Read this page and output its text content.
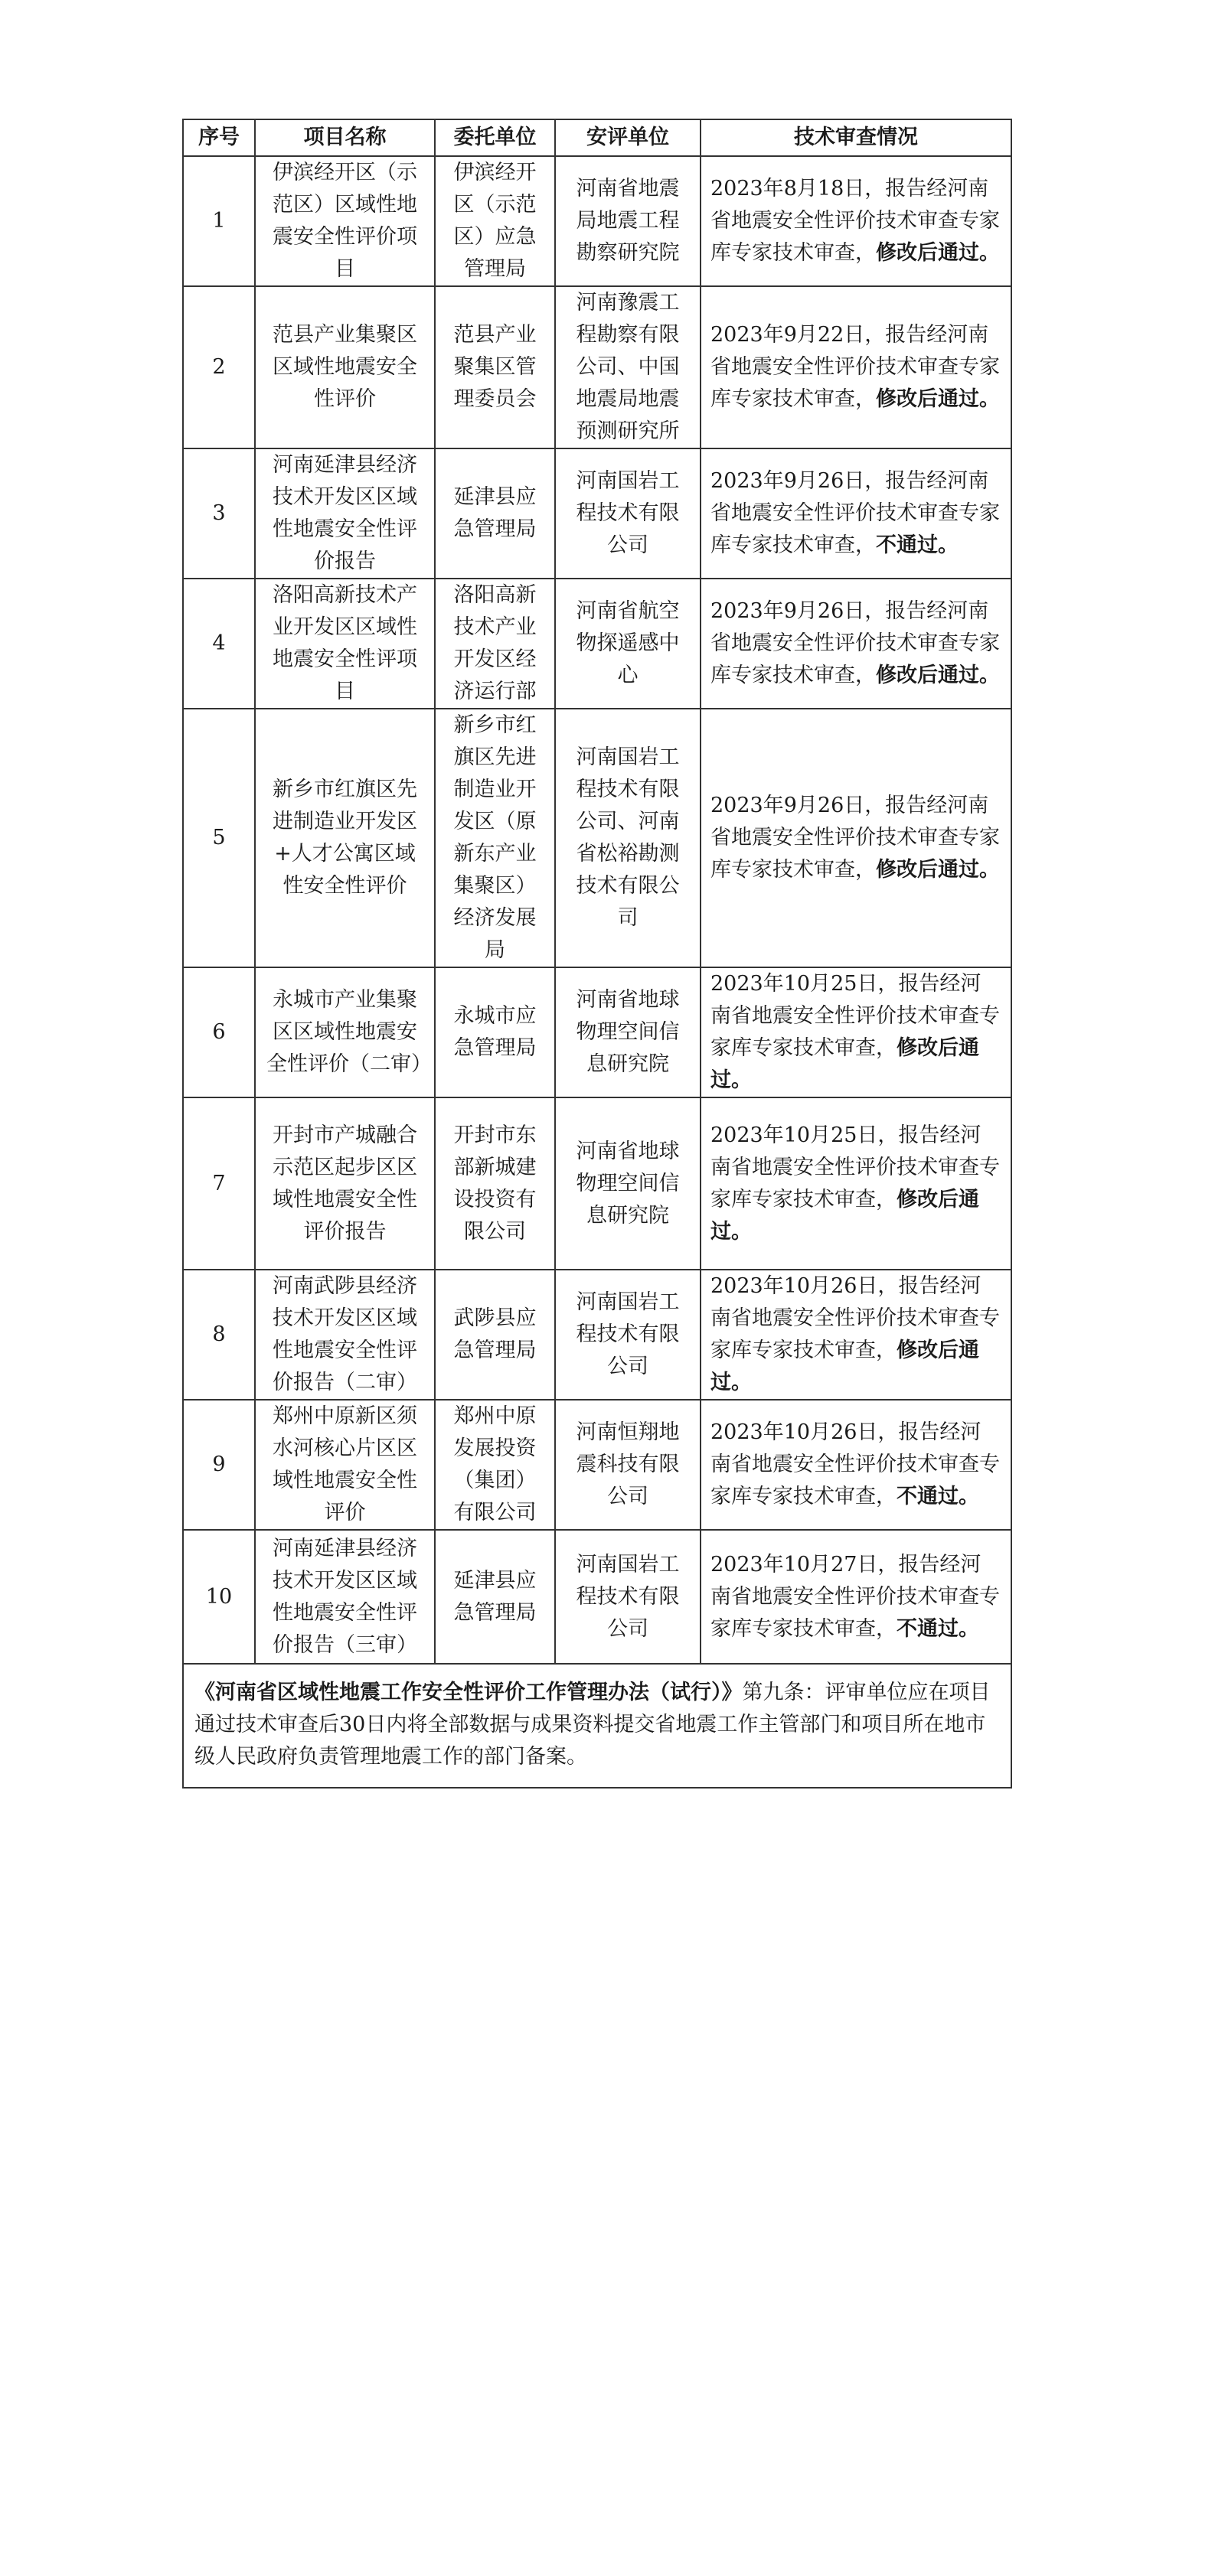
序号	项目名称	委托单位	安评单位	技术审查情况
1	伊滨经开区（示范区）区域性地震安全性评价项目	伊滨经开区（示范区）应急管理局	河南省地震局地震工程勘察研究院	2023年8月18日，报告经河南省地震安全性评价技术审查专家库专家技术审查，修改后通过。
2	范县产业集聚区区域性地震安全性评价	范县产业聚集区管理委员会	河南豫震工程勘察有限公司、中国地震局地震预测研究所	2023年9月22日，报告经河南省地震安全性评价技术审查专家库专家技术审查，修改后通过。
3	河南延津县经济技术开发区区域性地震安全性评价报告	延津县应急管理局	河南国岩工程技术有限公司	2023年9月26日，报告经河南省地震安全性评价技术审查专家库专家技术审查，不通过。
4	洛阳高新技术产业开发区区域性地震安全性评项目	洛阳高新技术产业开发区经济运行部	河南省航空物探遥感中心	2023年9月26日，报告经河南省地震安全性评价技术审查专家库专家技术审查，修改后通过。
5	新乡市红旗区先进制造业开发区+人才公寓区域性安全性评价	新乡市红旗区先进制造业开发区（原新东产业集聚区）经济发展局	河南国岩工程技术有限公司、河南省松裕勘测技术有限公司	2023年9月26日，报告经河南省地震安全性评价技术审查专家库专家技术审查，修改后通过。
6	永城市产业集聚区区域性地震安全性评价（二审）	永城市应急管理局	河南省地球物理空间信息研究院	2023年10月25日，报告经河南省地震安全性评价技术审查专家库专家技术审查，修改后通过。
7	开封市产城融合示范区起步区区域性地震安全性评价报告	开封市东部新城建设投资有限公司	河南省地球物理空间信息研究院	2023年10月25日，报告经河南省地震安全性评价技术审查专家库专家技术审查，修改后通过。
8	河南武陟县经济技术开发区区域性地震安全性评价报告（二审）	武陟县应急管理局	河南国岩工程技术有限公司	2023年10月26日，报告经河南省地震安全性评价技术审查专家库专家技术审查，修改后通过。
9	郑州中原新区须水河核心片区区域性地震安全性评价	郑州中原发展投资（集团）有限公司	河南恒翔地震科技有限公司	2023年10月26日，报告经河南省地震安全性评价技术审查专家库专家技术审查，不通过。
10	河南延津县经济技术开发区区域性地震安全性评价报告（三审）	延津县应急管理局	河南国岩工程技术有限公司	2023年10月27日，报告经河南省地震安全性评价技术审查专家库专家技术审查，不通过。
《河南省区域性地震工作安全性评价工作管理办法（试行）》第九条：评审单位应在项目通过技术审查后30日内将全部数据与成果资料提交省地震工作主管部门和项目所在地市级人民政府负责管理地震工作的部门备案。				
